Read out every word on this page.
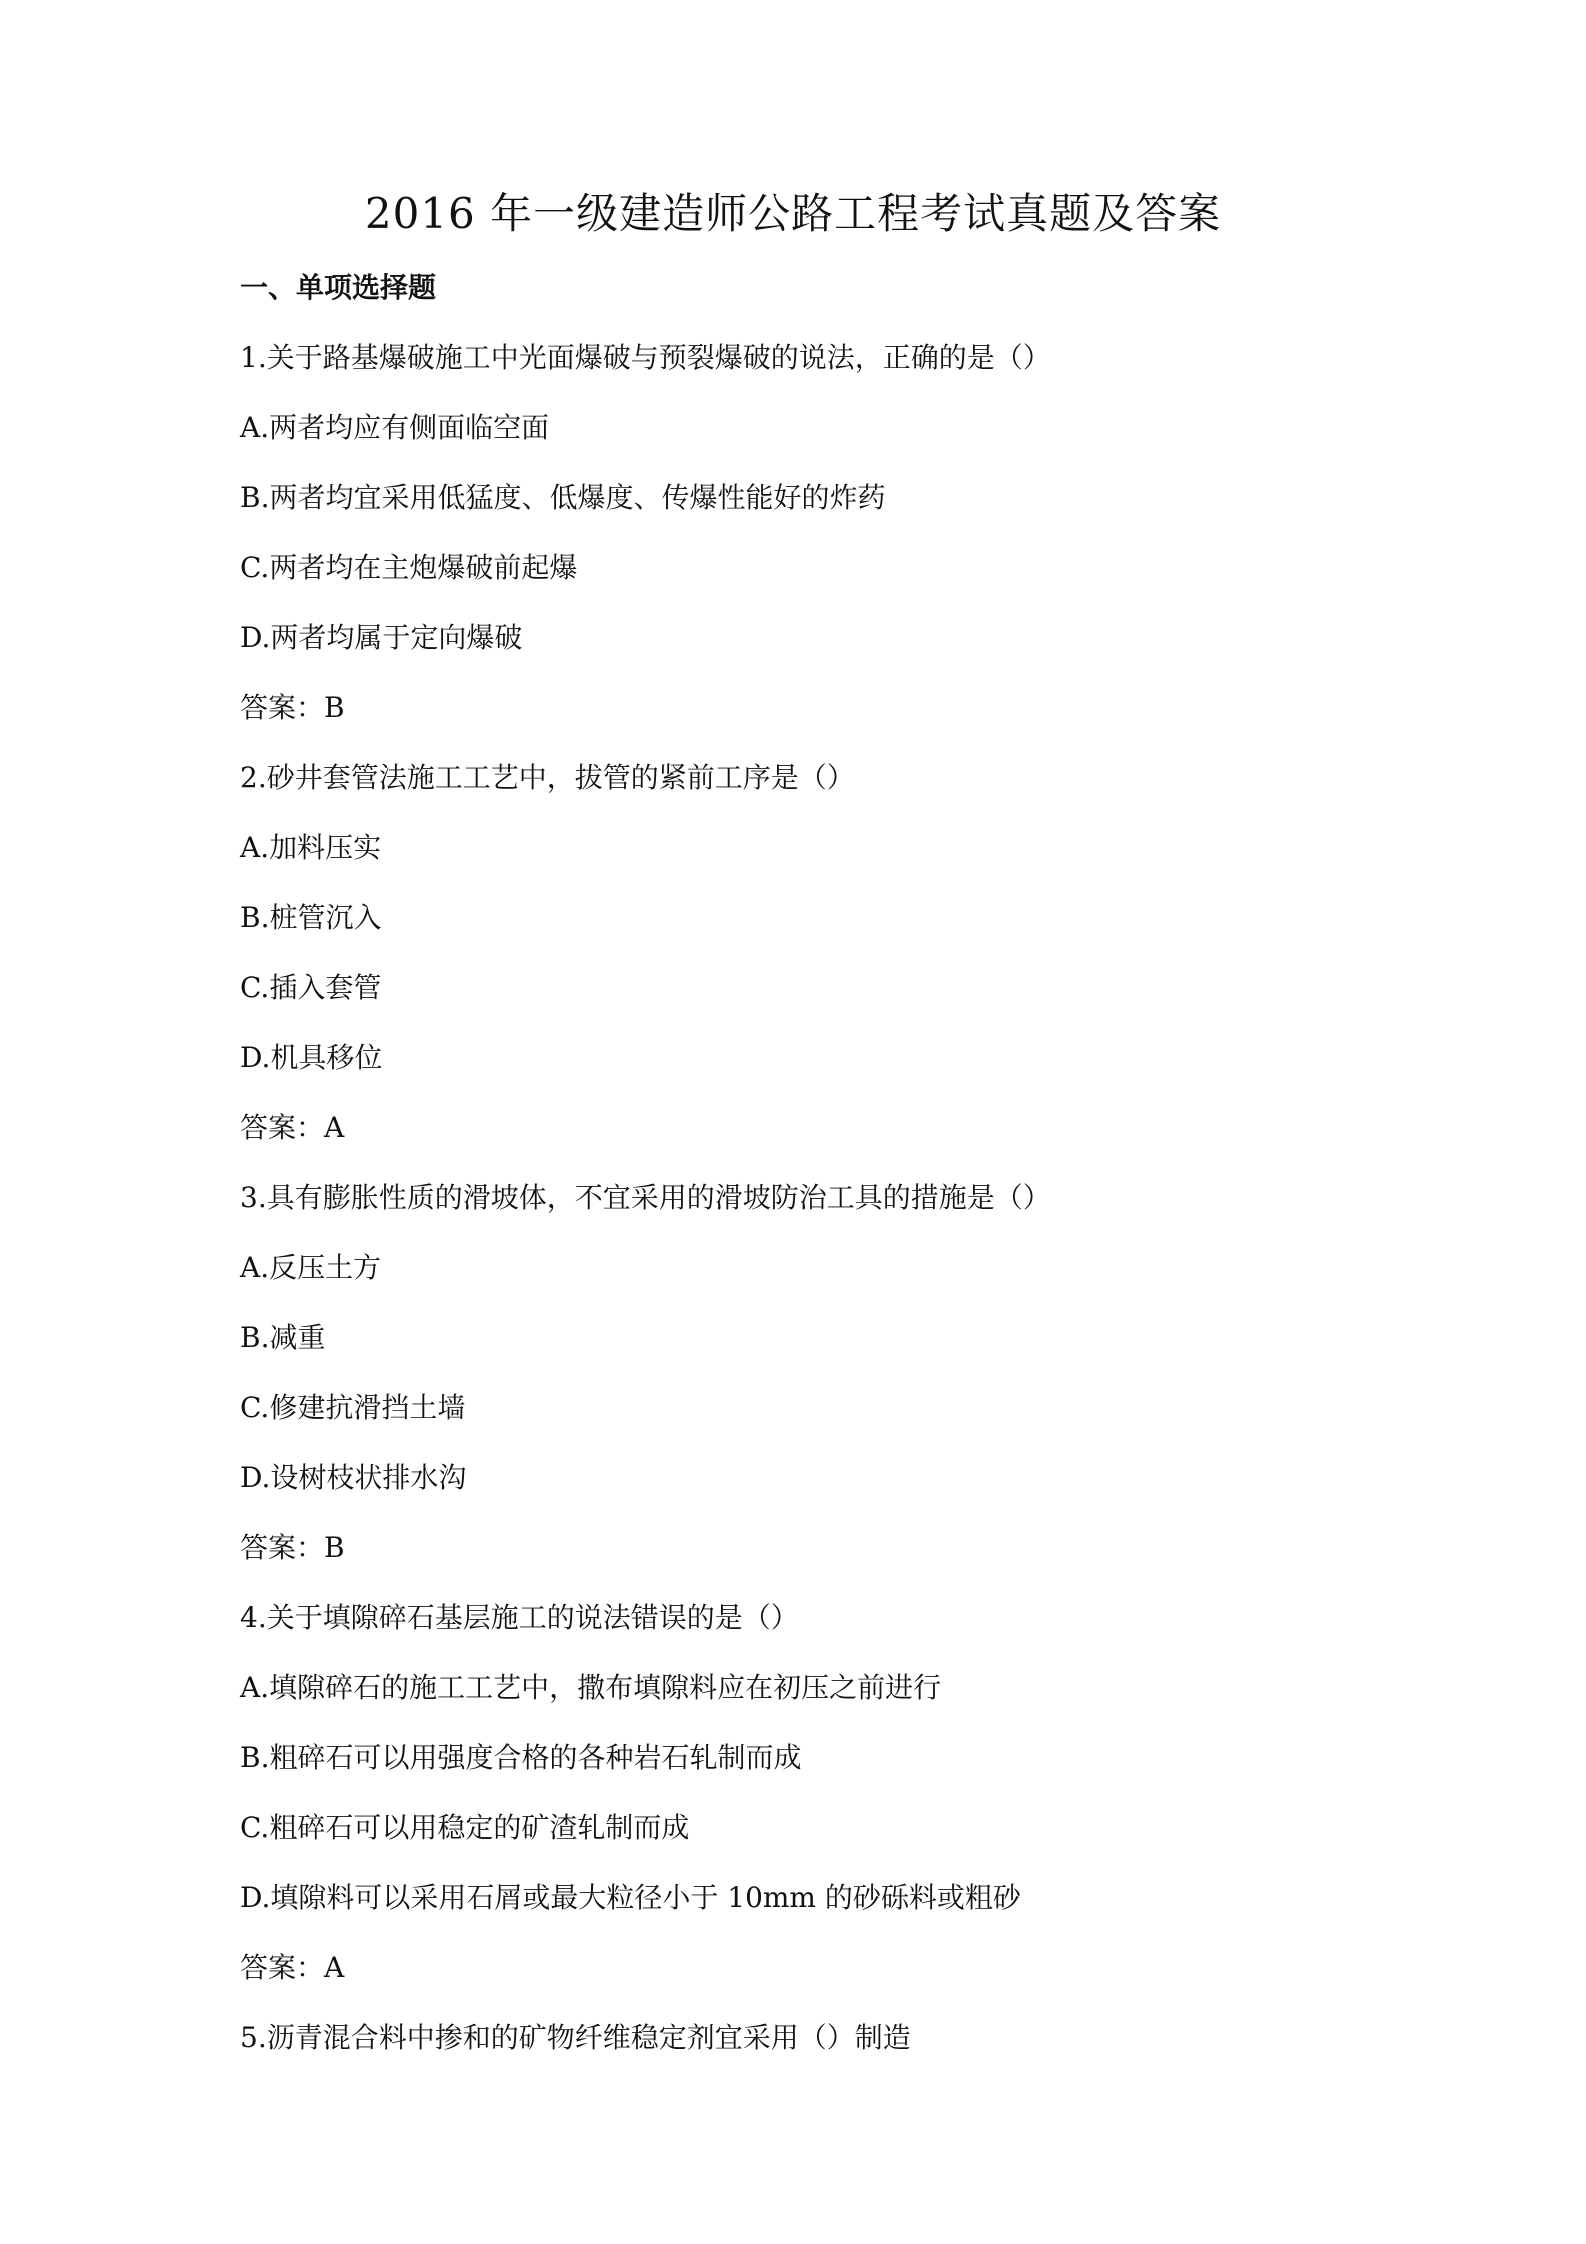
2016 年一级建造师公路工程考试真题及答案
一、单项选择题
1.关于路基爆破施工中光面爆破与预裂爆破的说法，正确的是（）
A.两者均应有侧面临空面
B.两者均宜采用低猛度、低爆度、传爆性能好的炸药
C.两者均在主炮爆破前起爆
D.两者均属于定向爆破
答案：B
2.砂井套管法施工工艺中，拔管的紧前工序是（）
A.加料压实
B.桩管沉入
C.插入套管
D.机具移位
答案：A
3.具有膨胀性质的滑坡体，不宜采用的滑坡防治工具的措施是（）
A.反压土方
B.减重
C.修建抗滑挡土墙
D.设树枝状排水沟
答案：B
4.关于填隙碎石基层施工的说法错误的是（）
A.填隙碎石的施工工艺中，撒布填隙料应在初压之前进行
B.粗碎石可以用强度合格的各种岩石轧制而成
C.粗碎石可以用稳定的矿渣轧制而成
D.填隙料可以采用石屑或最大粒径小于 10mm 的砂砾料或粗砂
答案：A
5.沥青混合料中掺和的矿物纤维稳定剂宜采用（）制造
